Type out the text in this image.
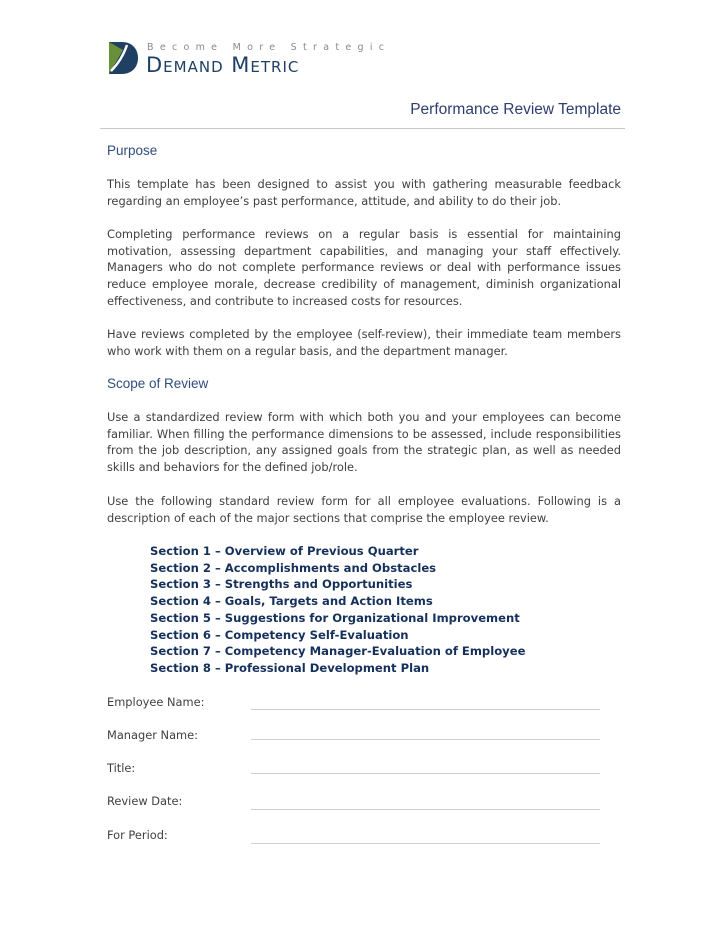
Become More Strategic
Demand Metric
Performance Review Template
Purpose

This template has been designed to assist you with gathering measurable feedback regarding an employee’s past performance, attitude, and ability to do their job.

Completing performance reviews on a regular basis is essential for maintaining motivation, assessing department capabilities, and managing your staff effectively. Managers who do not complete performance reviews or deal with performance issues reduce employee morale, decrease credibility of management, diminish organizational effectiveness, and contribute to increased costs for resources.

Have reviews completed by the employee (self-review), their immediate team members who work with them on a regular basis, and the department manager.

Scope of Review

Use a standardized review form with which both you and your employees can become familiar. When filling the performance dimensions to be assessed, include responsibilities from the job description, any assigned goals from the strategic plan, as well as needed skills and behaviors for the defined job/role.

Use the following standard review form for all employee evaluations. Following is a description of each of the major sections that comprise the employee review.

Section 1 – Overview of Previous Quarter
Section 2 – Accomplishments and Obstacles
Section 3 – Strengths and Opportunities
Section 4 – Goals, Targets and Action Items
Section 5 – Suggestions for Organizational Improvement
Section 6 – Competency Self-Evaluation
Section 7 – Competency Manager-Evaluation of Employee
Section 8 – Professional Development Plan
Employee Name:
Manager Name:
Title:
Review Date:
For Period:
